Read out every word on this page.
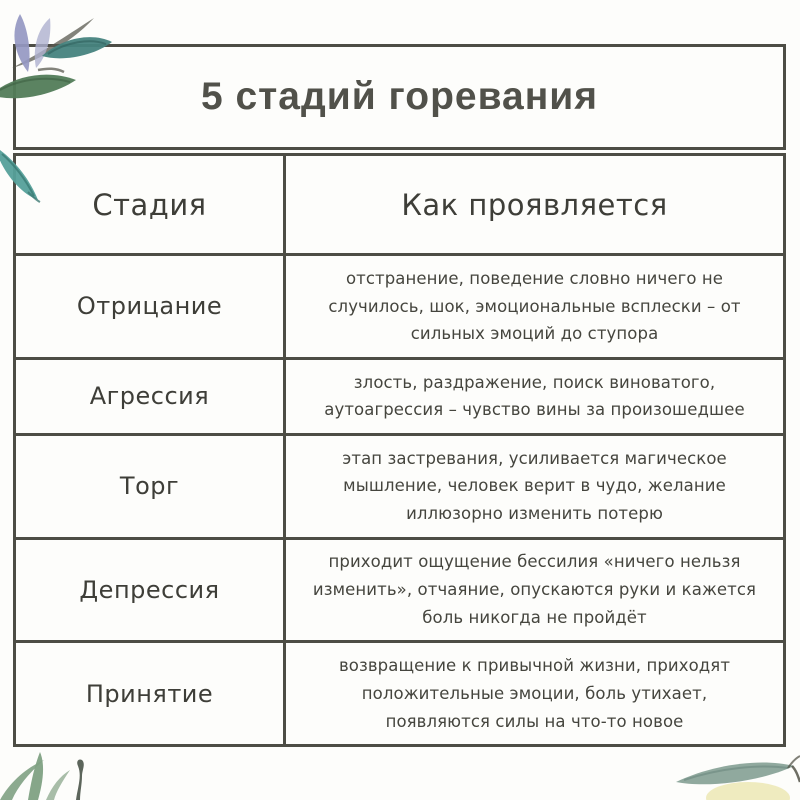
5 стадий горевания
Стадия	Как проявляется
Отрицание
отстранение, поведение словно ничего не случилось, шок, эмоциональные всплески – от сильных эмоций до ступора
Агрессия
злость, раздражение, поиск виноватого, аутоагрессия – чувство вины за произошедшее
Торг
этап застревания, усиливается магическое мышление, человек верит в чудо, желание иллюзорно изменить потерю
Депрессия
приходит ощущение бессилия «ничего нельзя изменить», отчаяние, опускаются руки и кажется боль никогда не пройдёт
Принятие
возвращение к привычной жизни, приходят положительные эмоции, боль утихает, появляются силы на что-то новое
